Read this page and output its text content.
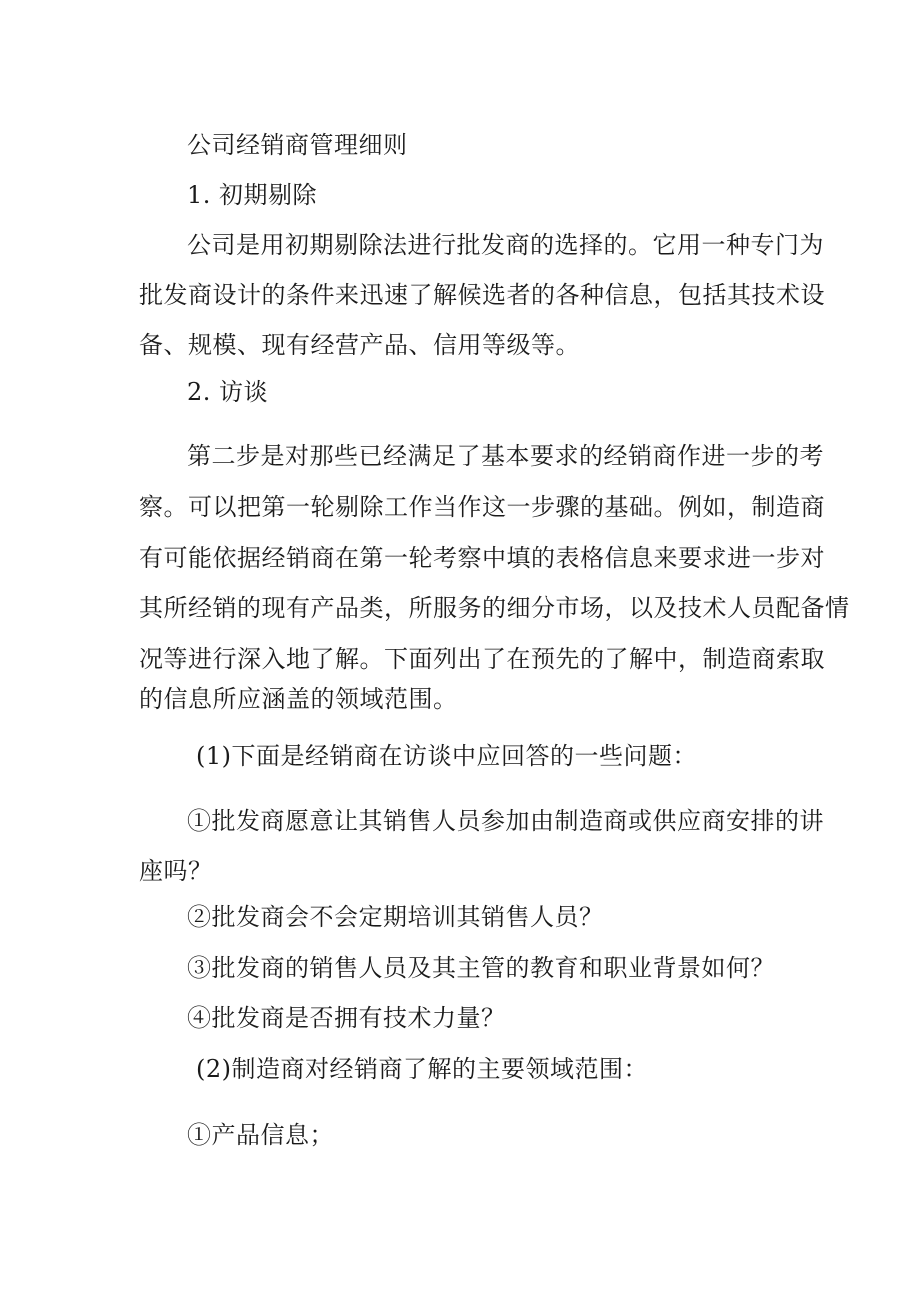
公司经销商管理细则
1. 初期剔除
公司是用初期剔除法进行批发商的选择的。它用一种专门为
批发商设计的条件来迅速了解候选者的各种信息，包括其技术设
备、规模、现有经营产品、信用等级等。
2. 访谈
第二步是对那些已经满足了基本要求的经销商作进一步的考
察。可以把第一轮剔除工作当作这一步骤的基础。例如，制造商
有可能依据经销商在第一轮考察中填的表格信息来要求进一步对
其所经销的现有产品类，所服务的细分市场，以及技术人员配备情
况等进行深入地了解。下面列出了在预先的了解中，制造商索取
的信息所应涵盖的领域范围。
(1)下面是经销商在访谈中应回答的一些问题：
①批发商愿意让其销售人员参加由制造商或供应商安排的讲
座吗？
②批发商会不会定期培训其销售人员？
③批发商的销售人员及其主管的教育和职业背景如何？
④批发商是否拥有技术力量？
(2)制造商对经销商了解的主要领域范围：
①产品信息；
